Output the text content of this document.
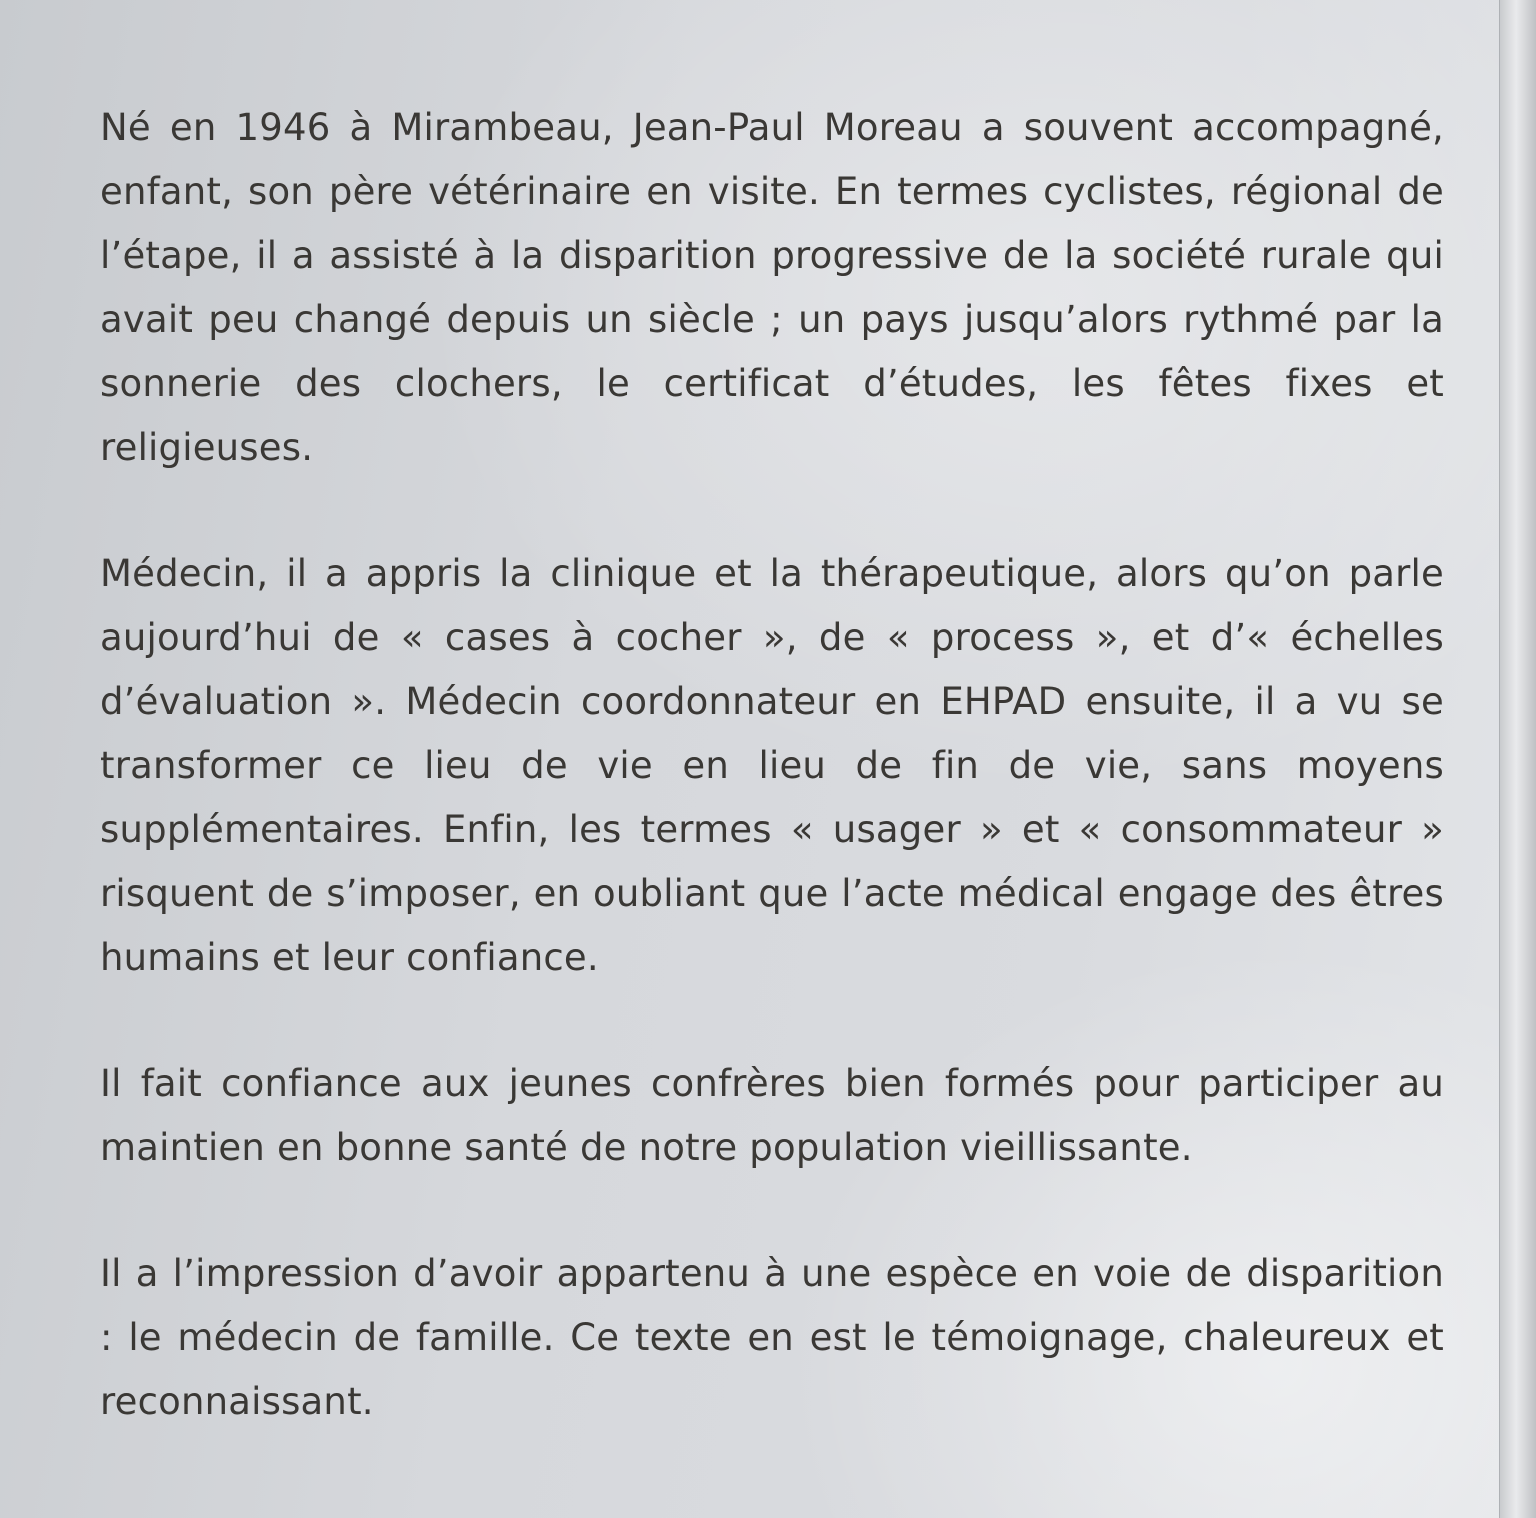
Né en 1946 à Mirambeau, Jean-Paul Moreau a souvent accompagné, enfant, son père vétérinaire en visite. En termes cyclistes, régional de l’étape, il a assisté à la disparition progressive de la société rurale qui avait peu changé depuis un siècle ; un pays jusqu’alors rythmé par la sonnerie des clochers, le certificat d’études, les fêtes fixes et religieuses.

Médecin, il a appris la clinique et la thérapeutique, alors qu’on parle aujourd’hui de « cases à cocher », de « process », et d’« échelles d’évaluation ». Médecin coordonnateur en EHPAD ensuite, il a vu se transformer ce lieu de vie en lieu de fin de vie, sans moyens supplémentaires. Enfin, les termes « usager » et « consommateur » risquent de s’imposer, en oubliant que l’acte médical engage des êtres humains et leur confiance.

Il fait confiance aux jeunes confrères bien formés pour participer au maintien en bonne santé de notre population vieillissante.

Il a l’impression d’avoir appartenu à une espèce en voie de disparition : le médecin de famille. Ce texte en est le témoignage, chaleureux et reconnaissant.
